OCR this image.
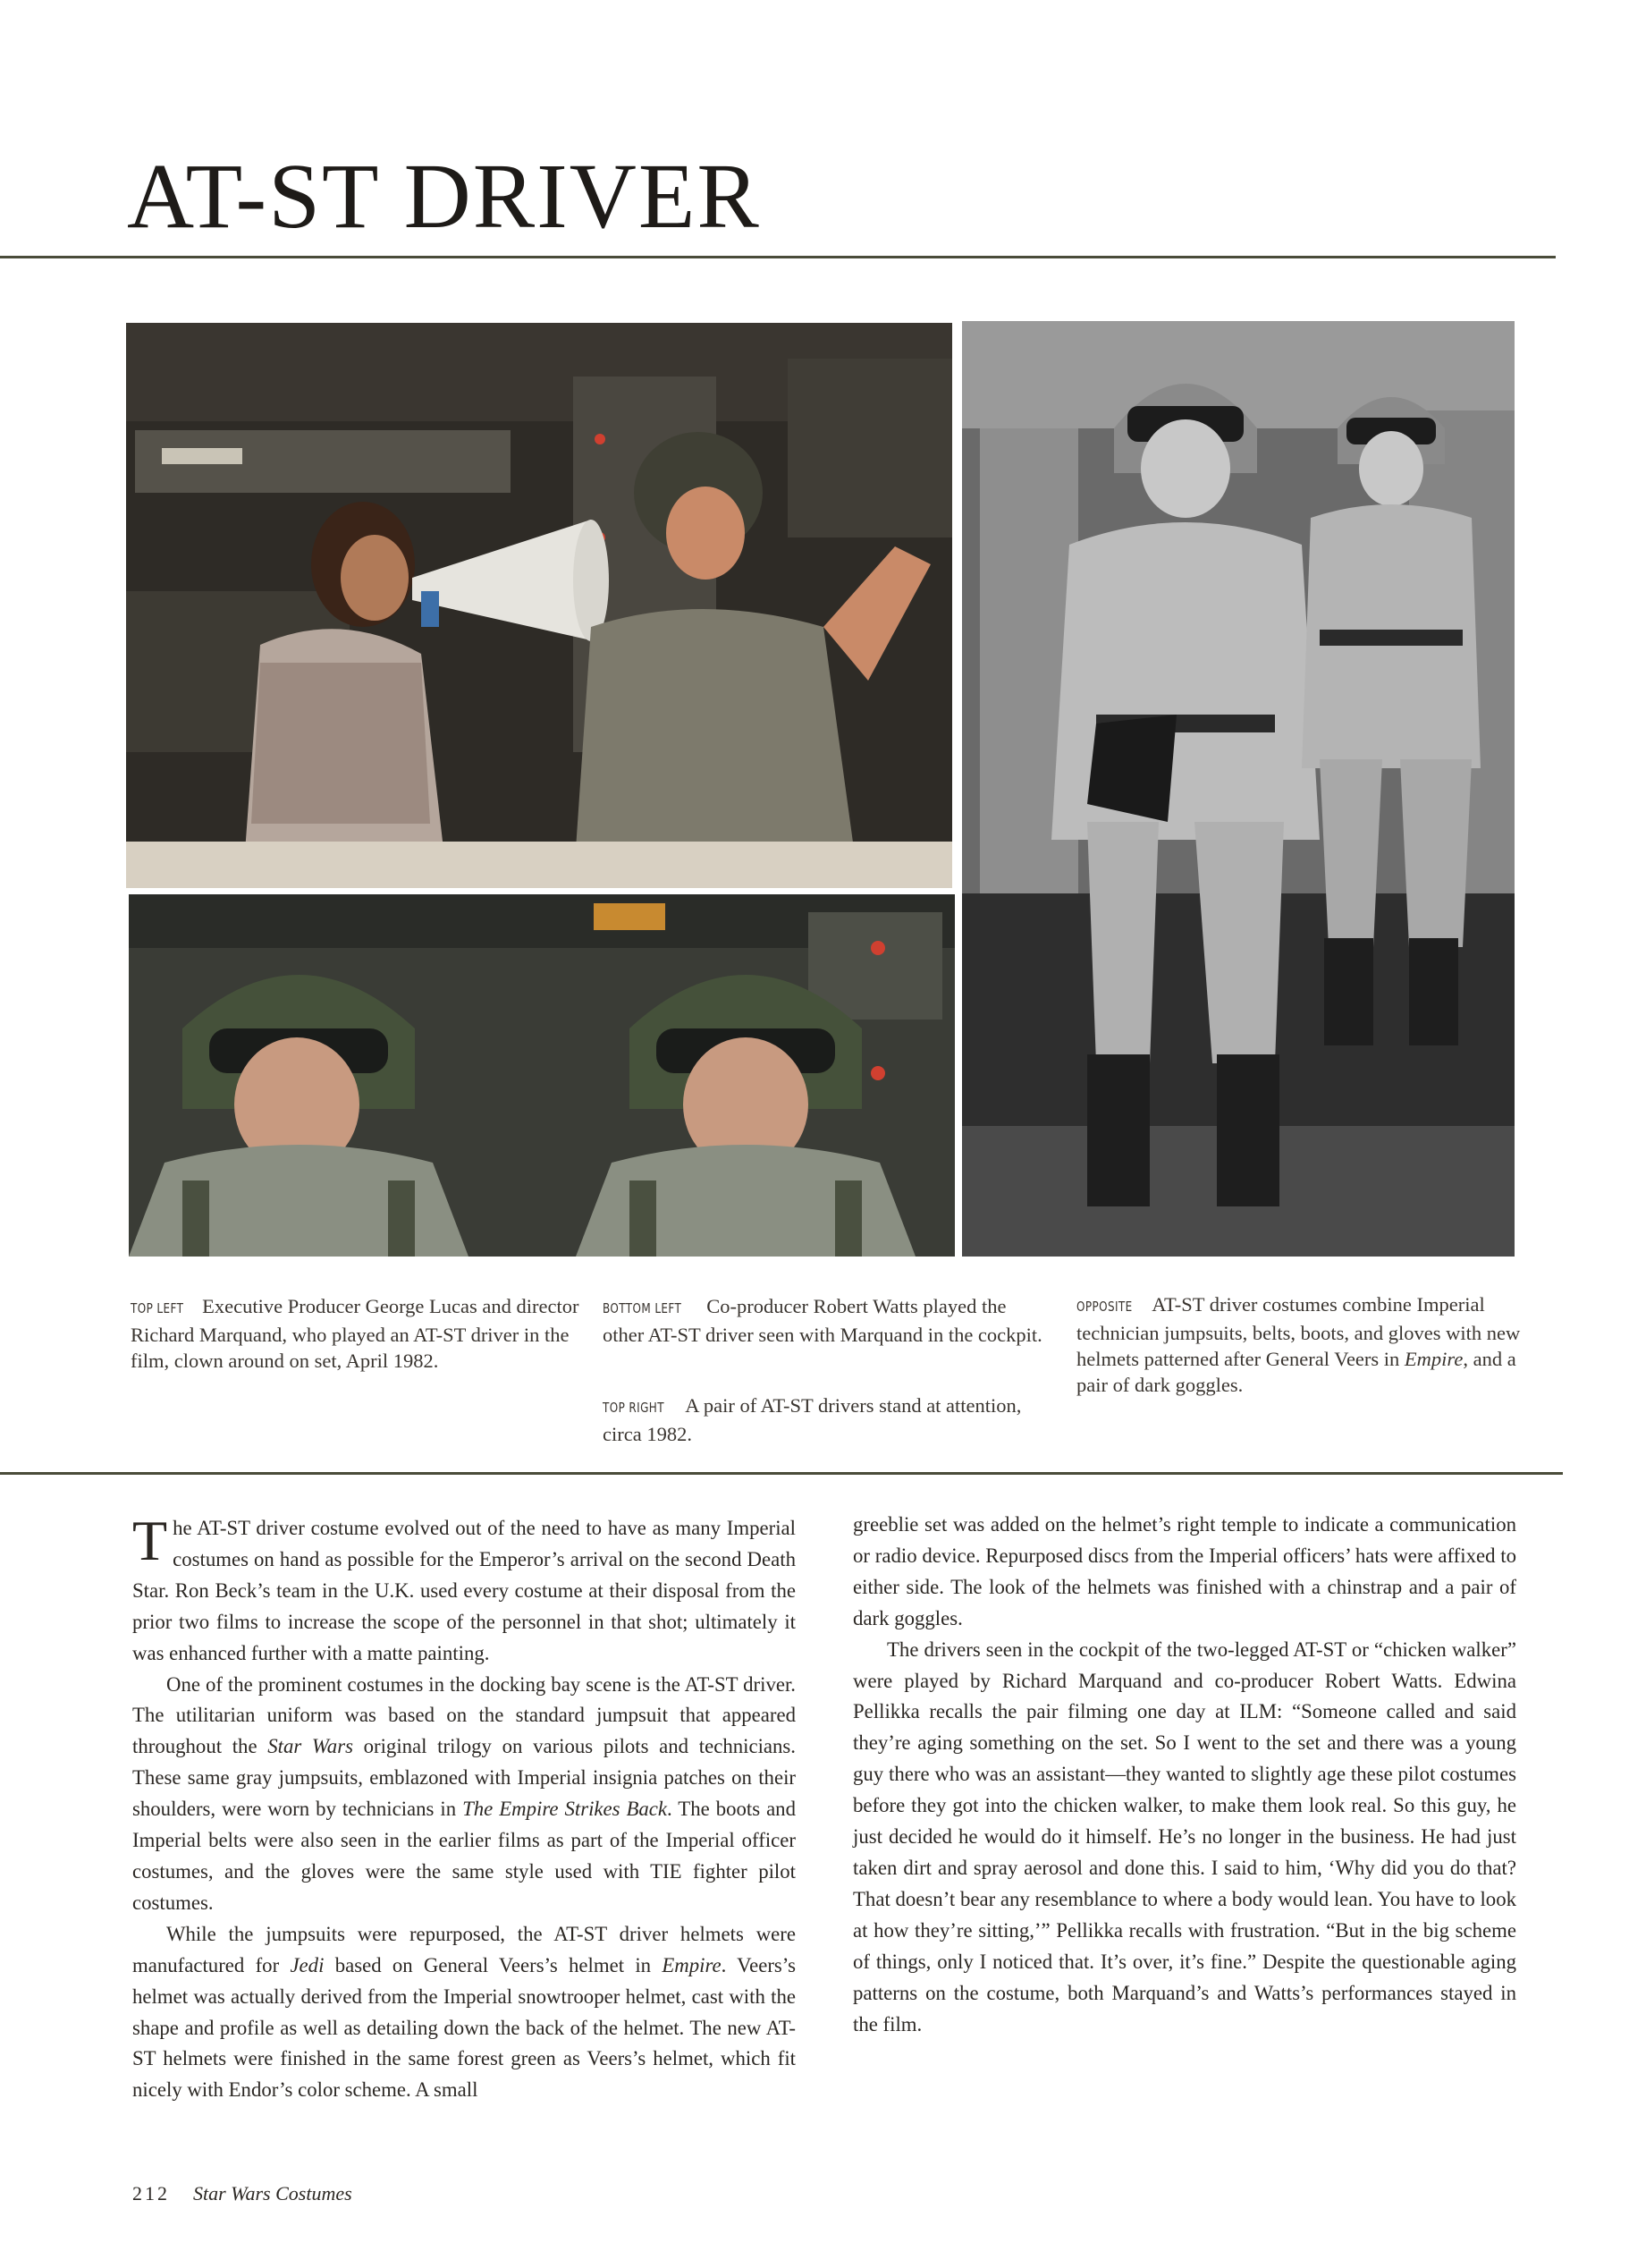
AT-ST DRIVER
TOP LEFT Executive Producer George Lucas and director Richard Marquand, who played an AT-ST driver in the film, clown around on set, April 1982.
BOTTOM LEFT Co-producer Robert Watts played the other AT-ST driver seen with Marquand in the cockpit.
TOP RIGHT A pair of AT-ST drivers stand at attention, circa 1982.
OPPOSITE AT-ST driver costumes combine Imperial technician jumpsuits, belts, boots, and gloves with new helmets patterned after General Veers in Empire, and a pair of dark goggles.

The AT-ST driver costume evolved out of the need to have as many Imperial costumes on hand as possible for the Emperor’s arrival on the second Death Star. Ron Beck’s team in the U.K. used every costume at their disposal from the prior two films to increase the scope of the personnel in that shot; ultimately it was enhanced further with a matte painting.

One of the prominent costumes in the docking bay scene is the AT-ST driver. The utilitarian uniform was based on the standard jumpsuit that appeared throughout the Star Wars original trilogy on various pilots and technicians. These same gray jumpsuits, emblazoned with Imperial insignia patches on their shoulders, were worn by technicians in The Empire Strikes Back. The boots and Imperial belts were also seen in the earlier films as part of the Imperial officer costumes, and the gloves were the same style used with TIE fighter pilot costumes.

While the jumpsuits were repurposed, the AT-ST driver helmets were manufactured for Jedi based on General Veers’s helmet in Empire. Veers’s helmet was actually derived from the Imperial snowtrooper helmet, cast with the shape and profile as well as detailing down the back of the helmet. The new AT-ST helmets were finished in the same forest green as Veers’s helmet, which fit nicely with Endor’s color scheme. A small

greeblie set was added on the helmet’s right temple to indicate a communication or radio device. Repurposed discs from the Imperial officers’ hats were affixed to either side. The look of the helmets was finished with a chinstrap and a pair of dark goggles.

The drivers seen in the cockpit of the two-legged AT-ST or “chicken walker” were played by Richard Marquand and co-producer Robert Watts. Edwina Pellikka recalls the pair filming one day at ILM: “Someone called and said they’re aging something on the set. So I went to the set and there was a young guy there who was an assistant—they wanted to slightly age these pilot costumes before they got into the chicken walker, to make them look real. So this guy, he just decided he would do it himself. He’s no longer in the business. He had just taken dirt and spray aerosol and done this. I said to him, ‘Why did you do that? That doesn’t bear any resemblance to where a body would lean. You have to look at how they’re sitting,’” Pellikka recalls with frustration. “But in the big scheme of things, only I noticed that. It’s over, it’s fine.” Despite the questionable aging patterns on the costume, both Marquand’s and Watts’s performances stayed in the film.

212 Star Wars Costumes
